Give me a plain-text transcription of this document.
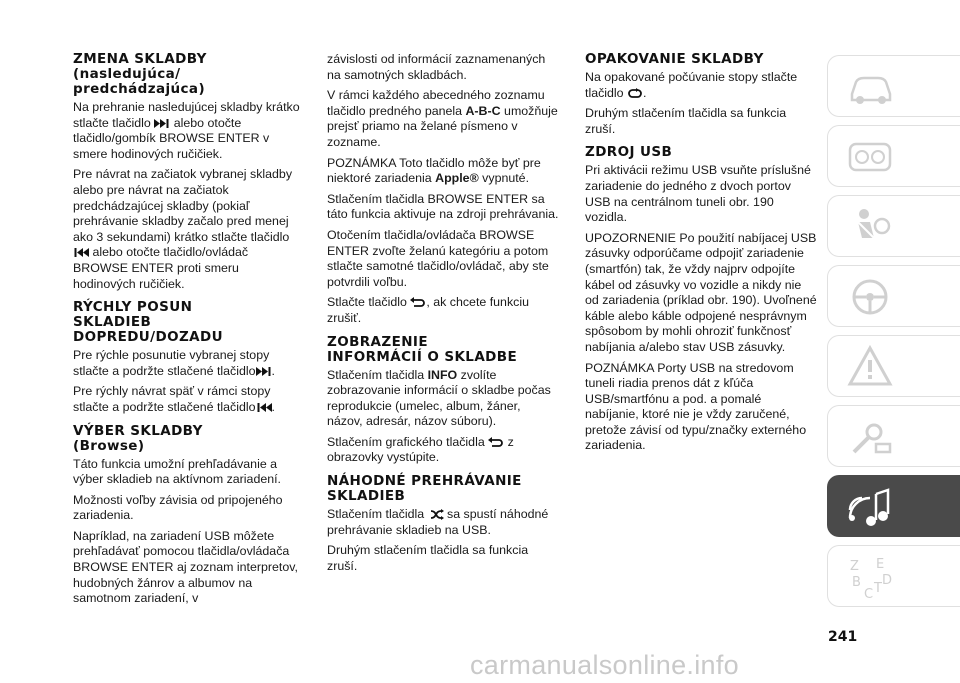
ZMENA SKLADBY
(nasledujúca/
predchádzajúca)

Na prehranie nasledujúcej skladby krátko stlačte tlačidlo alebo otočte tlačidlo/gombík BROWSE ENTER v smere hodinových ručičiek.

Pre návrat na začiatok vybranej skladby alebo pre návrat na začiatok predchádzajúcej skladby (pokiaľ prehrávanie skladby začalo pred menej ako 3 sekundami) krátko stlačte tlačidlo
alebo otočte tlačidlo/ovládač BROWSE ENTER proti smeru hodinových ručičiek.

RÝCHLY POSUN
SKLADIEB
DOPREDU/DOZADU

Pre rýchle posunutie vybranej stopy stlačte a podržte stlačené tlačidlo .

Pre rýchly návrat späť v rámci stopy stlačte a podržte stlačené tlačidlo .

VÝBER SKLADBY
(Browse)

Táto funkcia umožní prehľadávanie a výber skladieb na aktívnom zariadení.

Možnosti voľby závisia od pripojeného zariadenia.

Napríklad, na zariadení USB môžete prehľadávať pomocou tlačidla/ovládača BROWSE ENTER aj zoznam interpretov, hudobných žánrov a albumov na samotnom zariadení, v

závislosti od informácií zaznamenaných na samotných skladbách.

V rámci každého abecedného zoznamu tlačidlo predného panela A-B-C umožňuje prejsť priamo na želané písmeno v zozname.

POZNÁMKA Toto tlačidlo môže byť pre niektoré zariadenia Apple® vypnuté.

Stlačením tlačidla BROWSE ENTER sa táto funkcia aktivuje na zdroji prehrávania.

Otočením tlačidla/ovládača BROWSE ENTER zvoľte želanú kategóriu a potom stlačte samotné tlačidlo/ovládač, aby ste potvrdili voľbu.

Stlačte tlačidlo , ak chcete funkciu zrušiť.

ZOBRAZENIE
INFORMÁCIÍ O SKLADBE

Stlačením tlačidla INFO zvolíte zobrazovanie informácií o skladbe počas reprodukcie (umelec, album, žáner, názov, adresár, názov súboru).

Stlačením grafického tlačidla z obrazovky vystúpite.

NÁHODNÉ PREHRÁVANIE
SKLADIEB

Stlačením tlačidla sa spustí náhodné prehrávanie skladieb na USB.

Druhým stlačením tlačidla sa funkcia zruší.

OPAKOVANIE SKLADBY

Na opakované počúvanie stopy stlačte tlačidlo .

Druhým stlačením tlačidla sa funkcia zruší.

ZDROJ USB

Pri aktivácii režimu USB vsuňte príslušné zariadenie do jedného z dvoch portov USB na centrálnom tuneli obr. 190 vozidla.

UPOZORNENIE Po použití nabíjacej USB zásuvky odporúčame odpojiť zariadenie (smartfón) tak, že vždy najprv odpojíte kábel od zásuvky vo vozidle a nikdy nie od zariadenia (príklad obr. 190). Uvoľnené káble alebo káble odpojené nesprávnym spôsobom by mohli ohroziť funkčnosť nabíjania a/alebo stav USB zásuvky.

POZNÁMKA Porty USB na stredovom tuneli riadia prenos dát z kľúča USB/smartfónu a pod. a pomalé nabíjanie, ktoré nie je vždy zaručené, pretože závisí od typu/značky externého zariadenia.

Z E
B
C T
D
241
carmanualsonline.info
